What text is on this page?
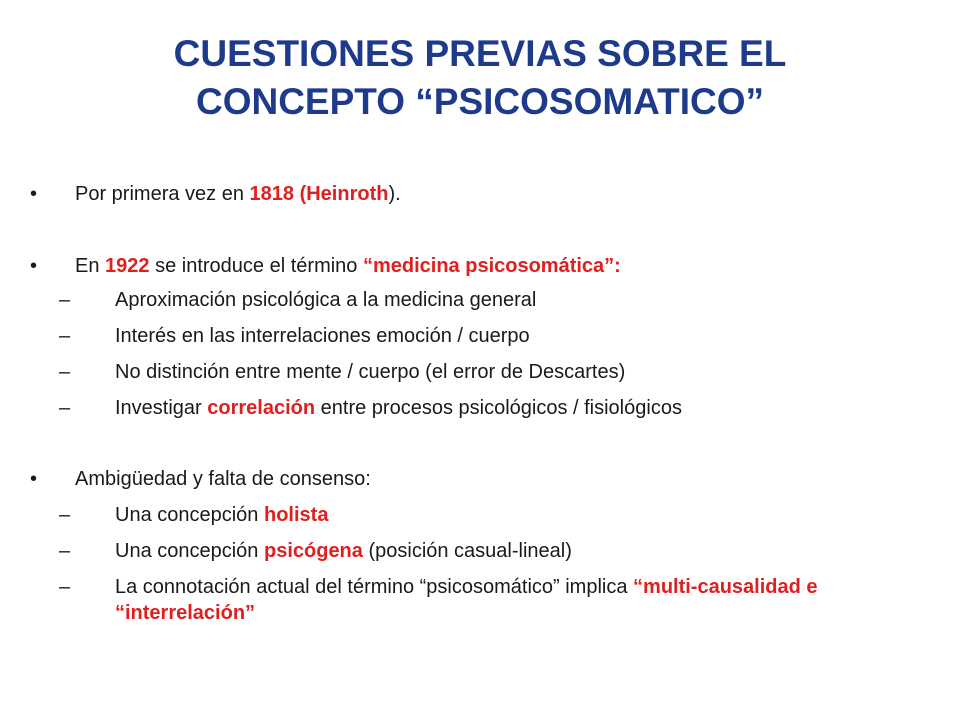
CUESTIONES PREVIAS SOBRE EL
CONCEPTO “PSICOSOMATICO”
• Por primera vez en 1818 (Heinroth).
• En 1922 se introduce el término “medicina psicosomática”:
– Aproximación psicológica a la medicina general
– Interés en las interrelaciones emoción / cuerpo
– No distinción entre mente / cuerpo (el error de Descartes)
– Investigar correlación entre procesos psicológicos / fisiológicos
• Ambigüedad y falta de consenso:
– Una concepción holista
– Una concepción psicógena (posición casual-lineal)
– La connotación actual del término “psicosomático” implica “multi-causalidad e “interrelación”
